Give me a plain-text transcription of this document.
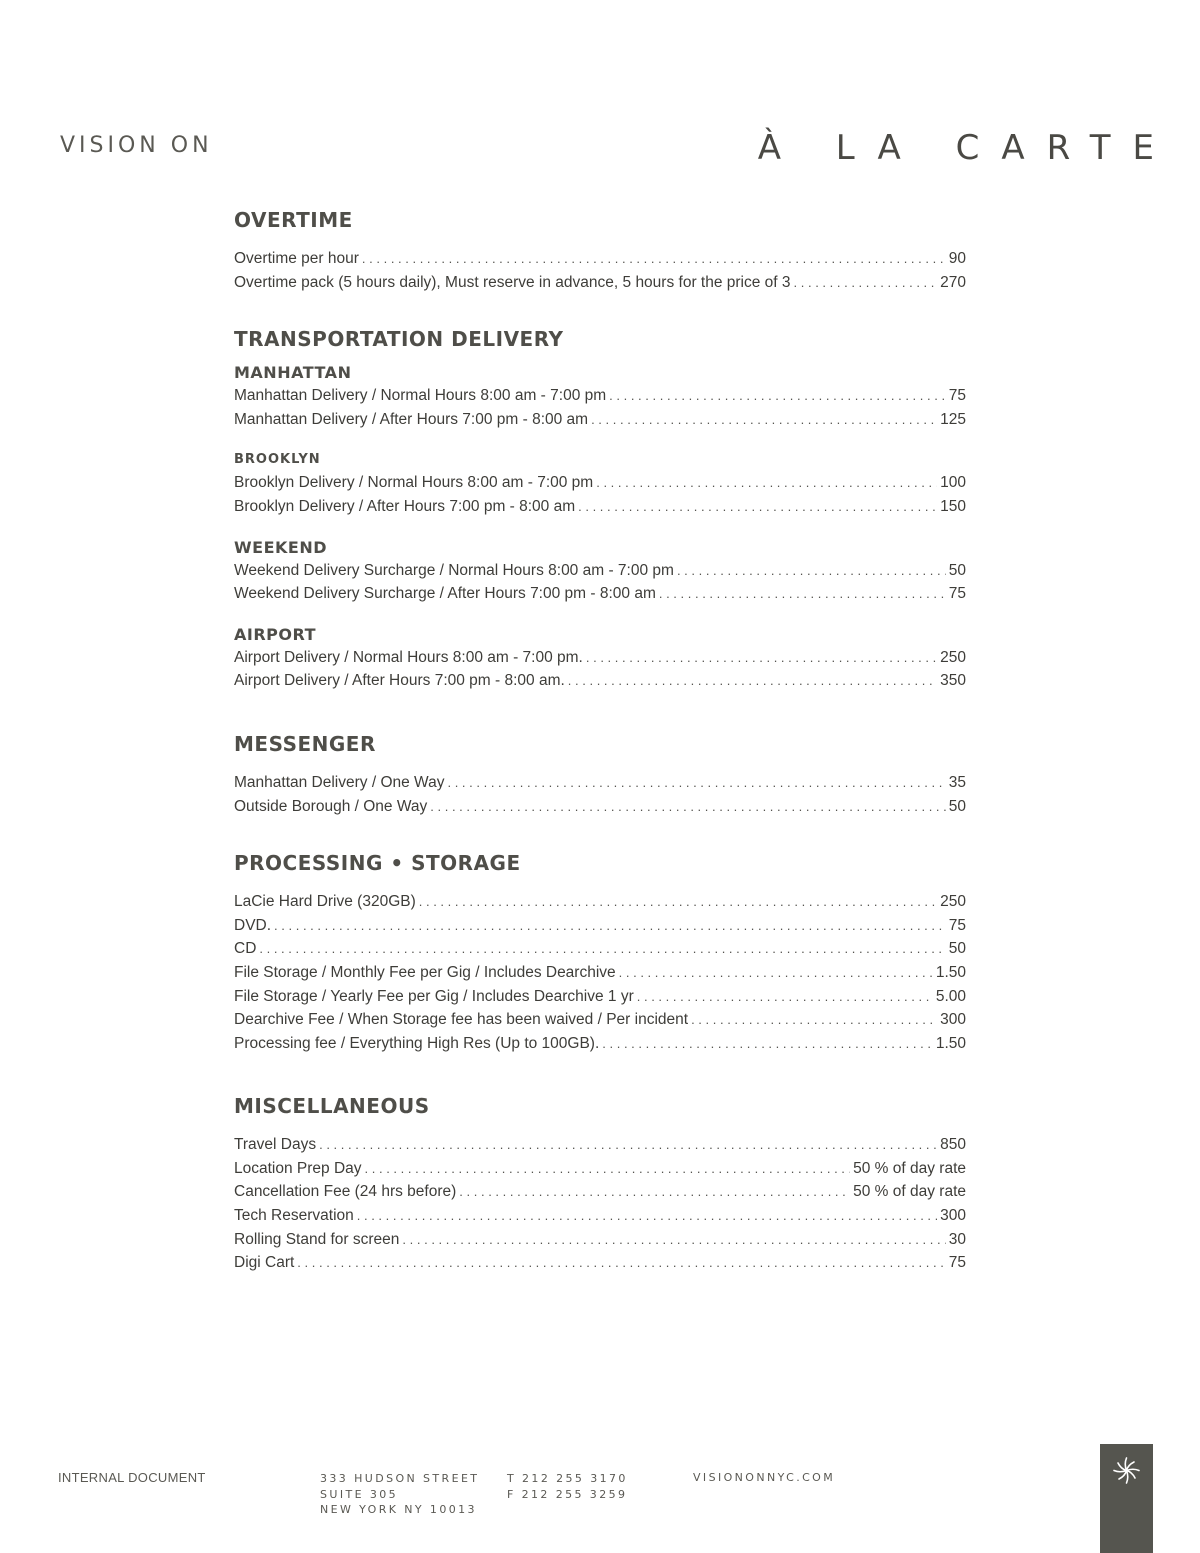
VISION ON	À LA CARTE
OVERTIME
Overtime per hour . . .	90
Overtime pack (5 hours daily), Must reserve in advance, 5 hours for the price of 3 . . .	270
TRANSPORTATION DELIVERY
MANHATTAN
Manhattan Delivery / Normal Hours 8:00 am - 7:00 pm . . .	75
Manhattan Delivery / After Hours 7:00 pm - 8:00 am . . .	125
BROOKLYN
Brooklyn Delivery / Normal Hours 8:00 am - 7:00 pm . . .	100
Brooklyn Delivery / After Hours 7:00 pm - 8:00 am . . .	150
WEEKEND
Weekend Delivery Surcharge / Normal Hours 8:00 am - 7:00 pm . . .	50
Weekend Delivery Surcharge / After Hours 7:00 pm - 8:00 am . . .	75
AIRPORT
Airport Delivery / Normal Hours 8:00 am - 7:00 pm. . . .	250
Airport Delivery / After Hours 7:00 pm - 8:00 am. . . .	350
MESSENGER
Manhattan Delivery / One Way . . .	35
Outside Borough / One Way . . .	50
PROCESSING • STORAGE
LaCie Hard Drive (320GB) . . .	250
DVD. . . .	75
CD . . .	50
File Storage / Monthly Fee per Gig / Includes Dearchive . . .	1.50
File Storage / Yearly Fee per Gig / Includes Dearchive 1 yr . . .	5.00
Dearchive Fee / When Storage fee has been waived / Per incident . . .	300
Processing fee / Everything High Res (Up to 100GB). . . .	1.50
MISCELLANEOUS
Travel Days . . .	850
Location Prep Day . . .	50 % of day rate
Cancellation Fee (24 hrs before) . . .	50 % of day rate
Tech Reservation . . .	300
Rolling Stand for screen . . .	30
Digi Cart . . .	75
INTERNAL DOCUMENT	333 HUDSON STREET
SUITE 305
NEW YORK NY 10013
T 212 255 3170
F 212 255 3259
VISIONONNYC.COM
